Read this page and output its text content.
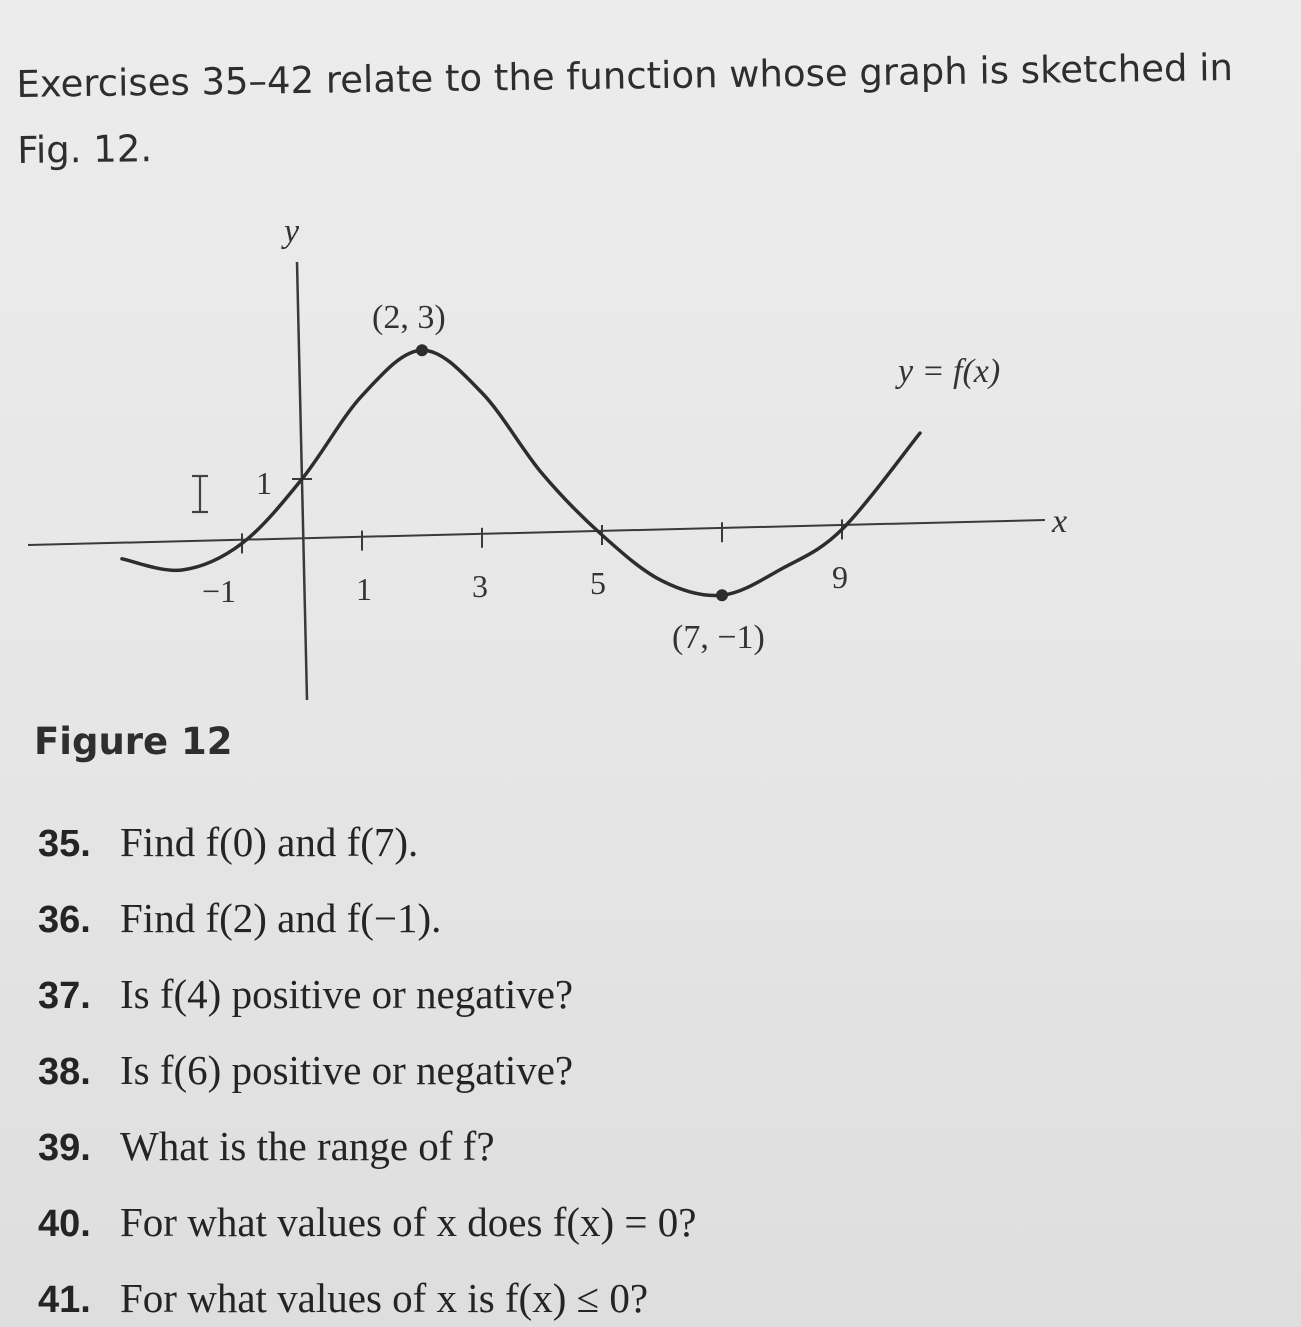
Exercises 35–42 relate to the function whose graph is sketched in
Fig. 12.
y
x
1
−1	1	3	5	9
(2, 3)
(7, −1)
y = f(x)
Figure 12
35. Find f(0) and f(7).
36. Find f(2) and f(−1).
37. Is f(4) positive or negative?
38. Is f(6) positive or negative?
39. What is the range of f?
40. For what values of x does f(x) = 0?
41. For what values of x is f(x) ≤ 0?
